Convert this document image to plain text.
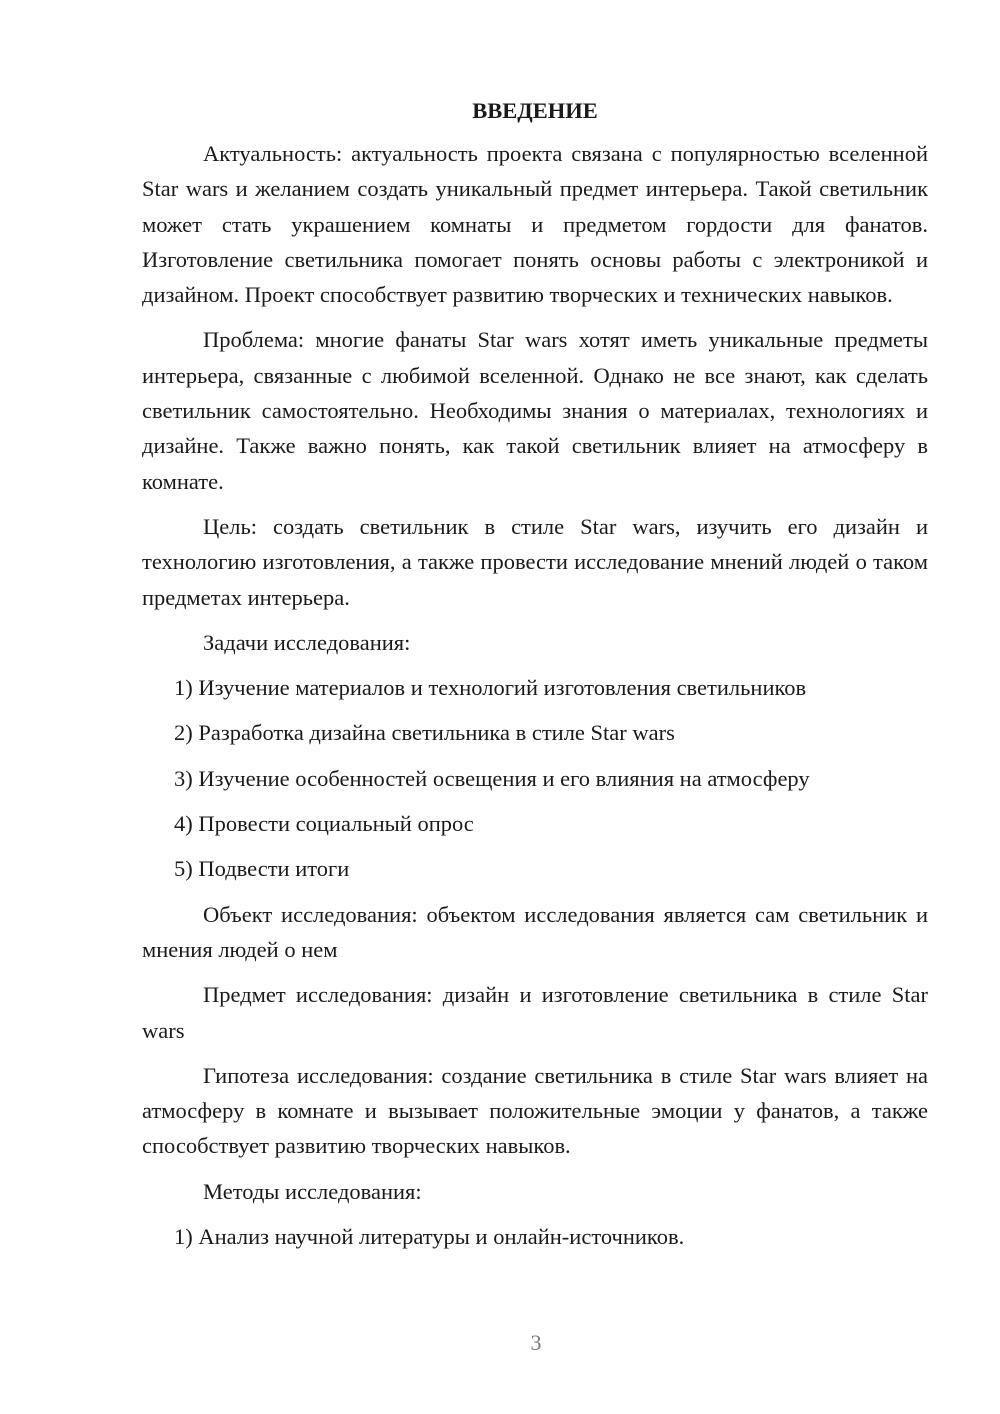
ВВЕДЕНИЕ

Актуальность: актуальность проекта связана с популярностью вселенной Star wars и желанием создать уникальный предмет интерьера. Такой светильник может стать украшением комнаты и предметом гордости для фанатов. Изготовление светильника помогает понять основы работы с электроникой и дизайном. Проект способствует развитию творческих и технических навыков.

Проблема: многие фанаты Star wars хотят иметь уникальные предметы интерьера, связанные с любимой вселенной. Однако не все знают, как сделать светильник самостоятельно. Необходимы знания о материалах, технологиях и дизайне. Также важно понять, как такой светильник влияет на атмосферу в комнате.

Цель: создать светильник в стиле Star wars, изучить его дизайн и технологию изготовления, а также провести исследование мнений людей о таком предметах интерьера.

Задачи исследования:

1) Изучение материалов и технологий изготовления светильников

2) Разработка дизайна светильника в стиле Star wars

3) Изучение особенностей освещения и его влияния на атмосферу

4) Провести социальный опрос

5) Подвести итоги

Объект исследования: объектом исследования является сам светильник и мнения людей о нем

Предмет исследования: дизайн и изготовление светильника в стиле Star wars

Гипотеза исследования: создание светильника в стиле Star wars влияет на атмосферу в комнате и вызывает положительные эмоции у фанатов, а также способствует развитию творческих навыков.

Методы исследования:

1) Анализ научной литературы и онлайн-источников.

3
